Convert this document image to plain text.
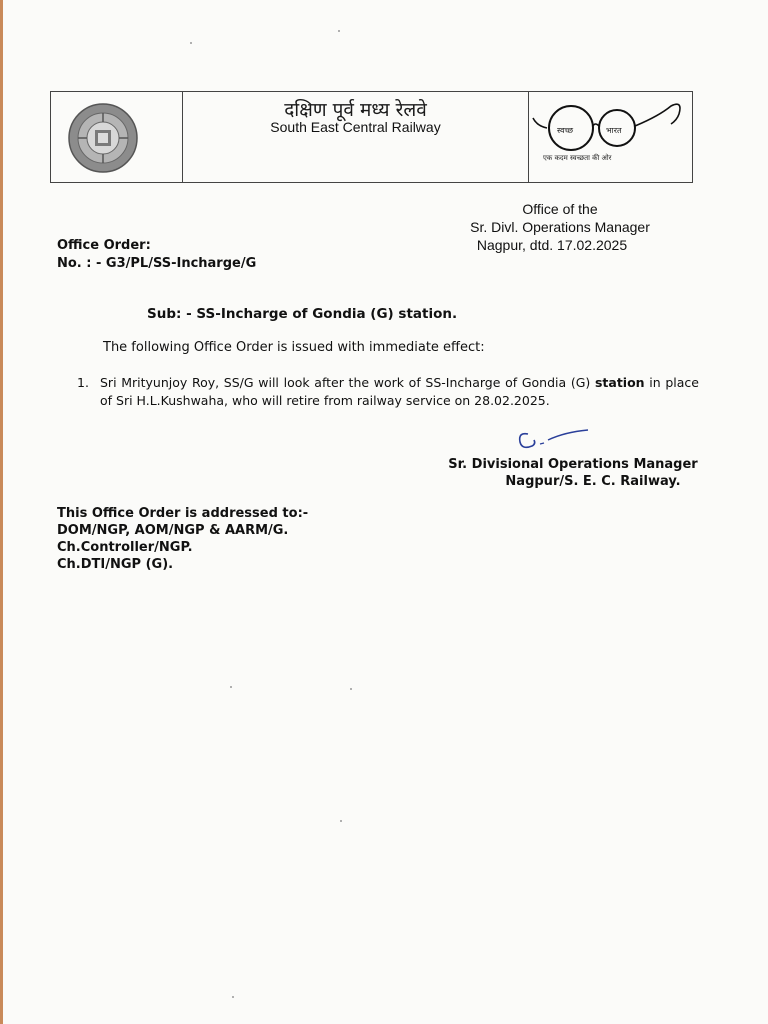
दक्षिण पूर्व मध्य रेलवे
South East Central Railway	स्वच्छ	भारत
एक कदम स्वच्छता की ओर
Office of the
Sr. Divl. Operations Manager
Nagpur, dtd. 17.02.2025
Office Order:
No. : - G3/PL/SS-Incharge/G
Sub: - SS-Incharge of Gondia (G) station.
The following Office Order is issued with immediate effect:
1. Sri Mrityunjoy Roy, SS/G will look after the work of SS-Incharge of Gondia (G) station in place of Sri H.L.Kushwaha, who will retire from railway service on 28.02.2025.
Sr. Divisional Operations Manager
Nagpur/S. E. C. Railway.
This Office Order is addressed to:-
DOM/NGP, AOM/NGP & AARM/G.
Ch.Controller/NGP.
Ch.DTI/NGP (G).
